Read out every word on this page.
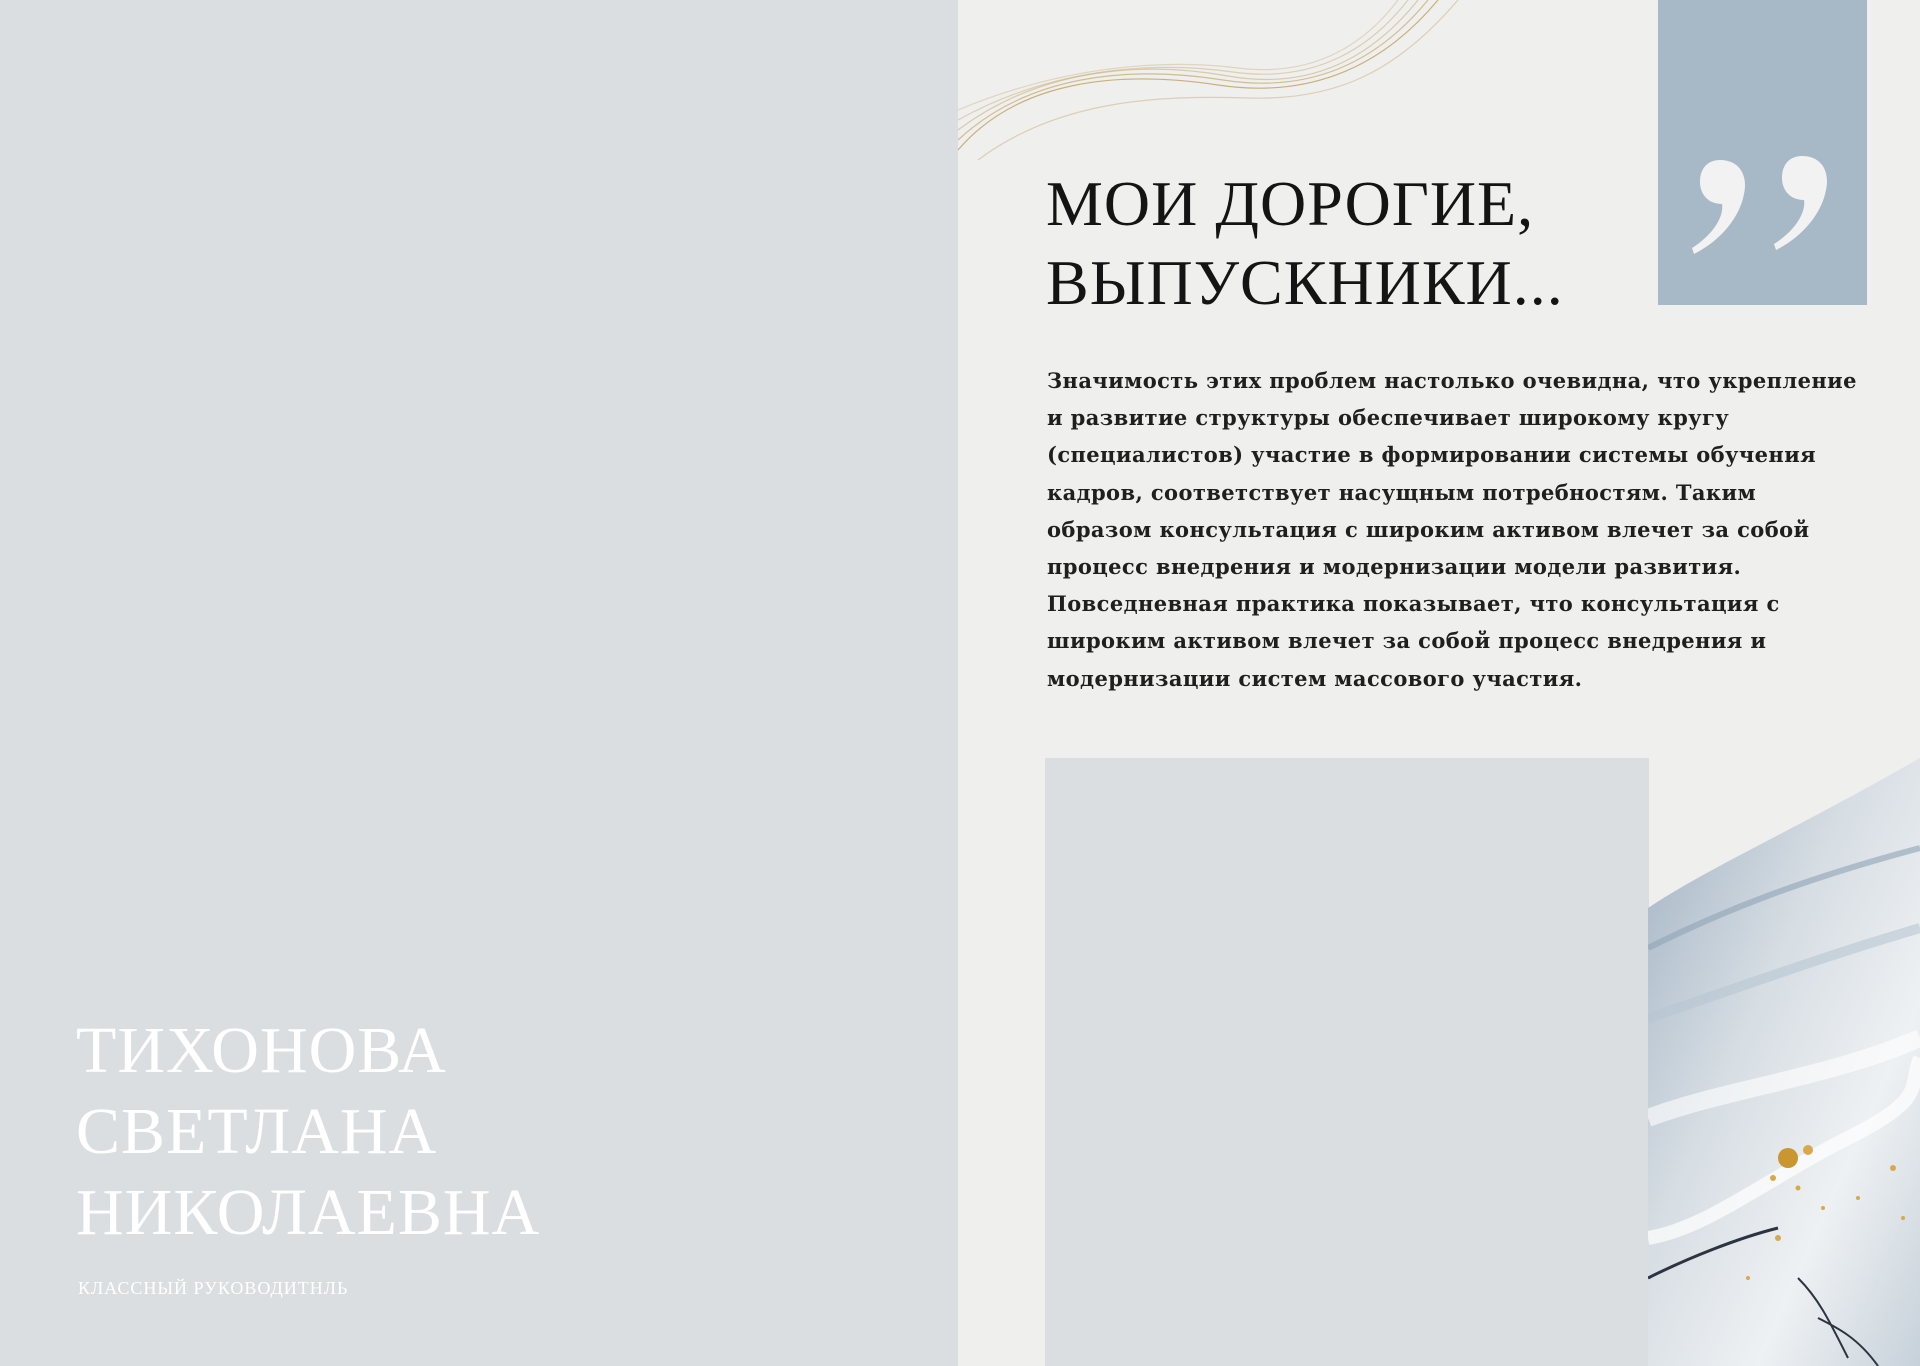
ТИХОНОВА
СВЕТЛАНА
НИКОЛАЕВНА
КЛАССНЫЙ РУКОВОДИТНЛЬ
МОИ ДОРОГИЕ,
ВЫПУСКНИКИ...
Значимость этих проблем настолько очевидна, что укрепление и развитие структуры обеспечивает широкому кругу (специалистов) участие в формировании системы обучения кадров, соответствует насущным потребностям. Таким образом консультация с широким активом влечет за собой процесс внедрения и модернизации модели развития. Повседневная практика показывает, что консультация с широким активом влечет за собой процесс внедрения и модернизации систем массового участия.
